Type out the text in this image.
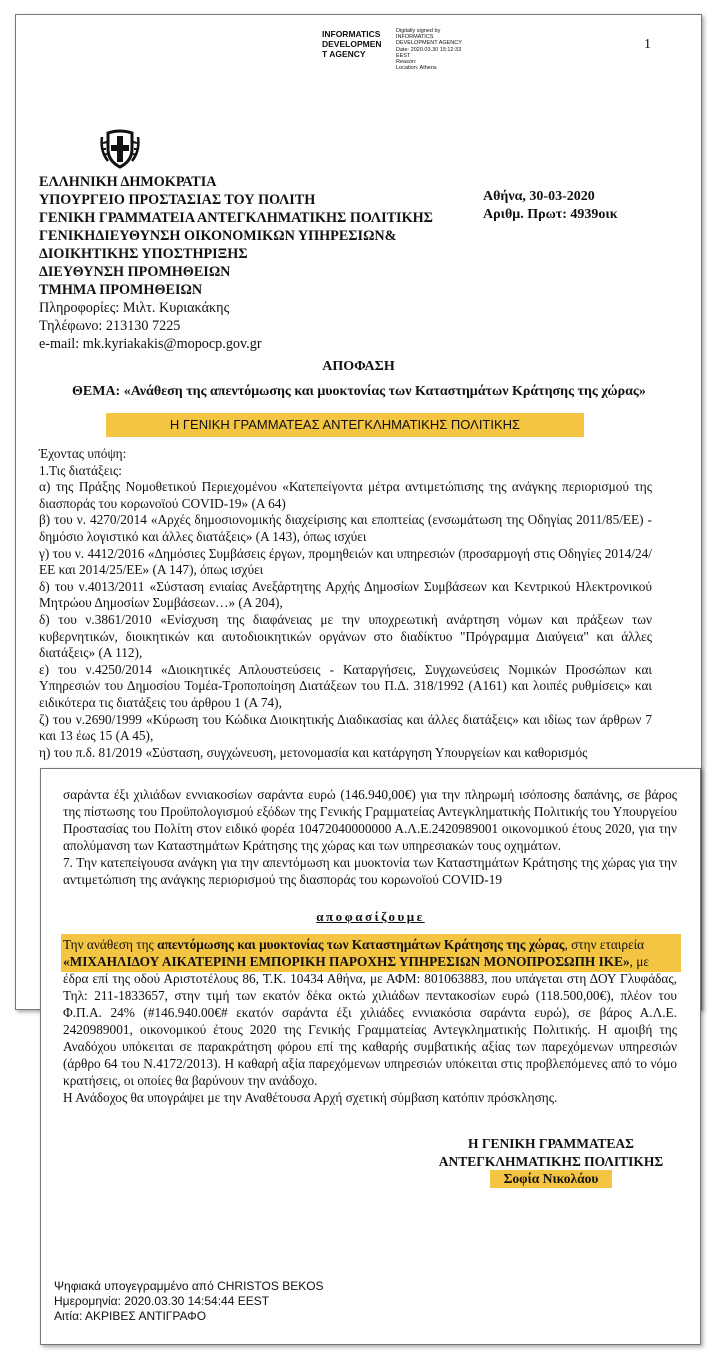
INFORMATICS
DEVELOPMEN
T AGENCY
Digitally signed by
INFORMATICS
DEVELOPMENT AGENCY
Date: 2020.03.30 15:12:33
EEST
Reason:
Location: Athens
1
ΕΛΛΗΝΙΚΗ ΔΗΜΟΚΡΑΤΙΑ
ΥΠΟΥΡΓΕΙΟ ΠΡΟΣΤΑΣΙΑΣ ΤΟΥ ΠΟΛΙΤΗ
ΓΕΝΙΚΗ ΓΡΑΜΜΑΤΕΙΑ ΑΝΤΕΓΚΛΗΜΑΤΙΚΗΣ ΠΟΛΙΤΙΚΗΣ
ΓΕΝΙΚΗΔΙΕΥΘΥΝΣΗ ΟΙΚΟΝΟΜΙΚΩΝ ΥΠΗΡΕΣΙΩΝ&
ΔΙΟΙΚΗΤΙΚΗΣ ΥΠΟΣΤΗΡΙΞΗΣ
ΔΙΕΥΘΥΝΣΗ ΠΡΟΜΗΘΕΙΩΝ
ΤΜΗΜΑ ΠΡΟΜΗΘΕΙΩΝ
Πληροφορίες: Μιλτ. Κυριακάκης
Τηλέφωνο: 213130 7225
e-mail: mk.kyriakakis@mopocp.gov.gr
Αθήνα, 30-03-2020
Αριθμ. Πρωτ: 4939οικ
ΑΠΟΦΑΣΗ
ΘΕΜΑ: «Ανάθεση της απεντόμωσης και μυοκτονίας των Καταστημάτων Κράτησης της χώρας»
Η ΓΕΝΙΚΗ ΓΡΑΜΜΑΤΕΑΣ ΑΝΤΕΓΚΛΗΜΑΤΙΚΗΣ ΠΟΛΙΤΙΚΗΣ

Έχοντας υπόψη:

1.Τις διατάξεις:

α) της Πράξης Νομοθετικού Περιεχομένου «Κατεπείγοντα μέτρα αντιμετώπισης της ανάγκης περιορισμού της διασποράς του κορωνοϊού COVID-19» (Α 64)

β) του ν. 4270/2014 «Αρχές δημοσιονομικής διαχείρισης και εποπτείας (ενσωμάτωση της Οδηγίας 2011/85/ΕΕ) - δημόσιο λογιστικό και άλλες διατάξεις» (Α 143), όπως ισχύει

γ) του ν. 4412/2016 «Δημόσιες Συμβάσεις έργων, προμηθειών και υπηρεσιών (προσαρμογή στις Οδηγίες 2014/24/ΕΕ και 2014/25/ΕΕ» (Α 147), όπως ισχύει

δ) του ν.4013/2011 «Σύσταση ενιαίας Ανεξάρτητης Αρχής Δημοσίων Συμβάσεων και Κεντρικού Ηλεκτρονικού Μητρώου Δημοσίων Συμβάσεων…» (Α 204),

δ) του ν.3861/2010 «Ενίσχυση της διαφάνειας με την υποχρεωτική ανάρτηση νόμων και πράξεων των κυβερνητικών, διοικητικών και αυτοδιοικητικών οργάνων στο διαδίκτυο "Πρόγραμμα Διαύγεια" και άλλες διατάξεις» (Α 112),

ε) του ν.4250/2014 «Διοικητικές Απλουστεύσεις - Καταργήσεις, Συγχωνεύσεις Νομικών Προσώπων και Υπηρεσιών του Δημοσίου Τομέα-Τροποποίηση Διατάξεων του Π.Δ. 318/1992 (Α161) και λοιπές ρυθμίσεις» και ειδικότερα τις διατάξεις του άρθρου 1 (Α 74),

ζ) του ν.2690/1999 «Κύρωση του Κώδικα Διοικητικής Διαδικασίας και άλλες διατάξεις» και ιδίως των άρθρων 7 και 13 έως 15 (Α 45),

η) του π.δ. 81/2019 «Σύσταση, συγχώνευση, μετονομασία και κατάργηση Υπουργείων και καθορισμός

σαράντα έξι χιλιάδων εννιακοσίων σαράντα ευρώ (146.940,00€) για την πληρωμή ισόποσης δαπάνης, σε βάρος της πίστωσης του Προϋπολογισμού εξόδων της Γενικής Γραμματείας Αντεγκληματικής Πολιτικής του Υπουργείου Προστασίας του Πολίτη στον ειδικό φορέα 10472040000000 Α.Λ.Ε.2420989001 οικονομικού έτους 2020, για την απολύμανση των Καταστημάτων Κράτησης της χώρας και των υπηρεσιακών τους οχημάτων.

7. Την κατεπείγουσα ανάγκη για την απεντόμωση και μυοκτονία των Καταστημάτων Κράτησης της χώρας για την αντιμετώπιση της ανάγκης περιορισμού της διασποράς του κορωνοϊού COVID-19

αποφασίζουμε

Την ανάθεση της απεντόμωσης και μυοκτονίας των Καταστημάτων Κράτησης της χώρας, στην εταιρεία

«ΜΙΧΑΗΛΙΔΟΥ ΑΙΚΑΤΕΡΙΝΗ ΕΜΠΟΡΙΚΗ ΠΑΡΟΧΗΣ ΥΠΗΡΕΣΙΩΝ ΜΟΝΟΠΡΟΣΩΠΗ ΙΚΕ», με

έδρα επί της οδού Αριστοτέλους 86, Τ.Κ. 10434 Αθήνα, με ΑΦΜ: 801063883, που υπάγεται στη ΔΟΥ Γλυφάδας, Τηλ: 211-1833657, στην τιμή των εκατόν δέκα οκτώ χιλιάδων πεντακοσίων ευρώ (118.500,00€), πλέον του Φ.Π.Α. 24% (#146.940.00€# εκατόν σαράντα έξι χιλιάδες εννιακόσια σαράντα ευρώ), σε βάρος Α.Λ.Ε. 2420989001, οικονομικού έτους 2020 της Γενικής Γραμματείας Αντεγκληματικής Πολιτικής. Η αμοιβή της Αναδόχου υπόκειται σε παρακράτηση φόρου επί της καθαρής συμβατικής αξίας των παρεχόμενων υπηρεσιών (άρθρο 64 του Ν.4172/2013). Η καθαρή αξία παρεχόμενων υπηρεσιών υπόκειται στις προβλεπόμενες από το νόμο κρατήσεις, οι οποίες θα βαρύνουν την ανάδοχο.

Η Ανάδοχος θα υπογράψει με την Αναθέτουσα Αρχή σχετική σύμβαση κατόπιν πρόσκλησης.

Η ΓΕΝΙΚΗ ΓΡΑΜΜΑΤΕΑΣ
ΑΝΤΕΓΚΛΗΜΑΤΙΚΗΣ ΠΟΛΙΤΙΚΗΣ
Σοφία Νικολάου
Ψηφιακά υπογεγραμμένο από CHRISTOS BEKOS
Ημερομηνία: 2020.03.30 14:54:44 EEST
Αιτία: ΑΚΡΙΒΕΣ ΑΝΤΙΓΡΑΦΟ
